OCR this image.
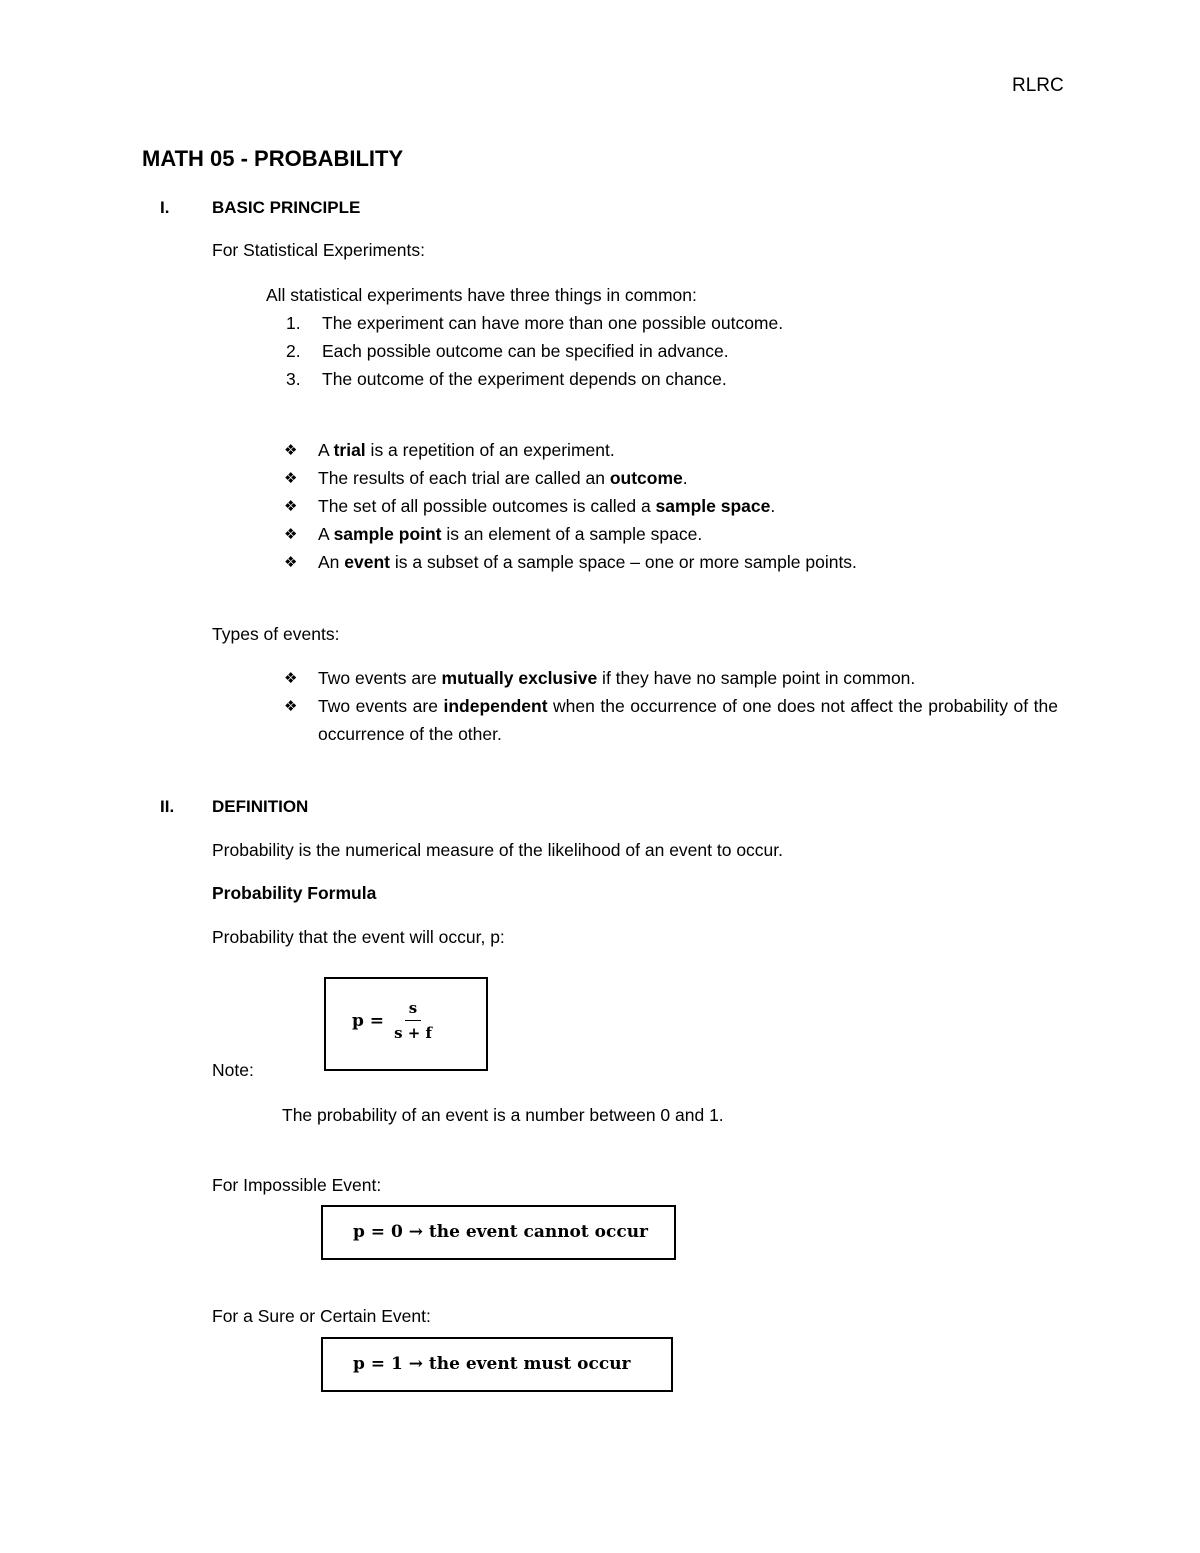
RLRC
MATH 05 - PROBABILITY
I.	BASIC PRINCIPLE
For Statistical Experiments:
All statistical experiments have three things in common:
1. The experiment can have more than one possible outcome.
2. Each possible outcome can be specified in advance.
3. The outcome of the experiment depends on chance.
❖ A trial is a repetition of an experiment.
❖ The results of each trial are called an outcome.
❖ The set of all possible outcomes is called a sample space.
❖ A sample point is an element of a sample space.
❖ An event is a subset of a sample space – one or more sample points.
Types of events:
❖ Two events are mutually exclusive if they have no sample point in common.
❖ Two events are independent when the occurrence of one does not affect the probability of the occurrence of the other.
II. DEFINITION
Probability is the numerical measure of the likelihood of an event to occur.
Probability Formula
Probability that the event will occur, p:
$p = \frac{s}{s + f}$
Note:
The probability of an event is a number between 0 and 1.
For Impossible Event:
p = 0 → the event cannot occur
For a Sure or Certain Event:
p = 1 → the event must occur
